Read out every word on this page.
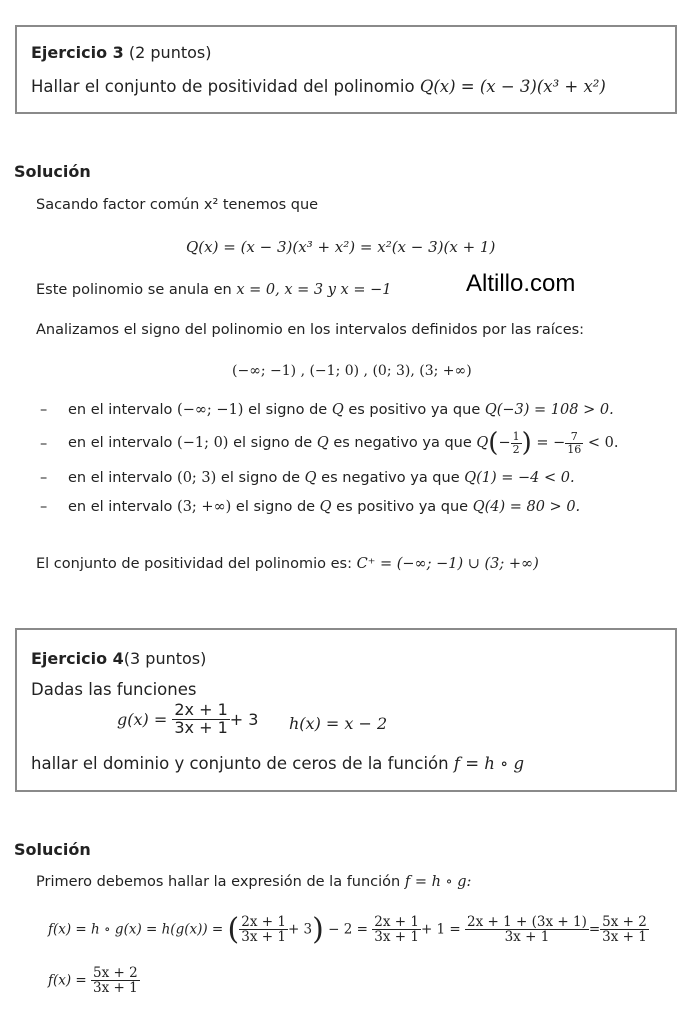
Ejercicio 3 (2 puntos)
Hallar el conjunto de positividad del polinomio Q(x) = (x − 3)(x³ + x²)
Solución
Sacando factor común x² tenemos que
Q(x) = (x − 3)(x³ + x²) = x²(x − 3)(x + 1)
Este polinomio se anula en x = 0, x = 3 y x = −1	Altillo.com
Analizamos el signo del polinomio en los intervalos definidos por las raíces:
(−∞; −1) , (−1; 0) , (0; 3), (3; +∞)
– en el intervalo (−∞; −1) el signo de Q es positivo ya que Q(−3) = 108 > 0.
– en el intervalo (−1; 0) el signo de Q es negativo ya que $Q(- \frac{1}{2}$ ) = − $\frac{7}{16} < 0$.
– en el intervalo (0; 3) el signo de Q es negativo ya que Q(1) = −4 < 0.
– en el intervalo (3; +∞) el signo de Q es positivo ya que Q(4) = 80 > 0.
El conjunto de positividad del polinomio es: C⁺ = (−∞; −1) ∪ (3; +∞)
Ejercicio 4(3 puntos)
Dadas las funciones
$g(x) = \frac{2x + 1}{3x + 1} + 3$ h(x) = x − 2
hallar el dominio y conjunto de ceros de la función f = h ∘ g
Solución
Primero debemos hallar la expresión de la función f = h ∘ g:
f(x) = h ∘ g(x) = h(g(x)) = ( $\frac{2x + 1}{3x + 1} + 3) - 2 = \frac{2x + 1}{3x + 1} + 1 = \frac{2x + 1 + (3x + 1)}{3x + 1} = \frac{5x + 2}{3x + 1}$
$f(x) = \frac{5x + 2}{3x + 1}$
